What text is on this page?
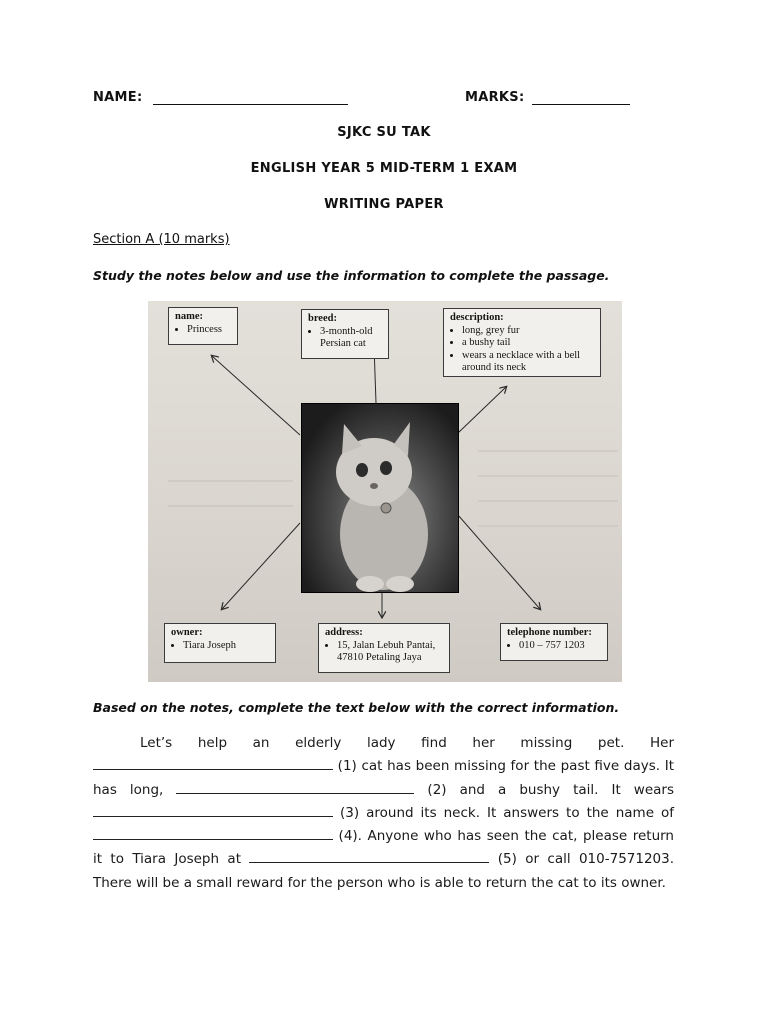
NAME:	MARKS:
SJKC SU TAK
ENGLISH YEAR 5 MID-TERM 1 EXAM
WRITING PAPER
Section A (10 marks)
Study the notes below and use the information to complete the passage.
name:
• Princess
breed:
• 3-month-old Persian cat
description:
• long, grey fur
• a bushy tail
• wears a necklace with a bell around its neck
owner:
• Tiara Joseph
address:
• 15, Jalan Lebuh Pantai, 47810 Petaling Jaya
telephone number:
• 010 – 757 1203
Based on the notes, complete the text below with the correct information.

Let’s help an elderly lady find her missing pet. Her  (1) cat has been missing for the past five days. It has long,	(2) and a bushy tail. It wears  (3) around its neck. It answers to the name of  (4). Anyone who has seen the cat, please return it to Tiara Joseph at	(5) or call 010-7571203. There will be a small reward for the person who is able to return the cat to its owner.
